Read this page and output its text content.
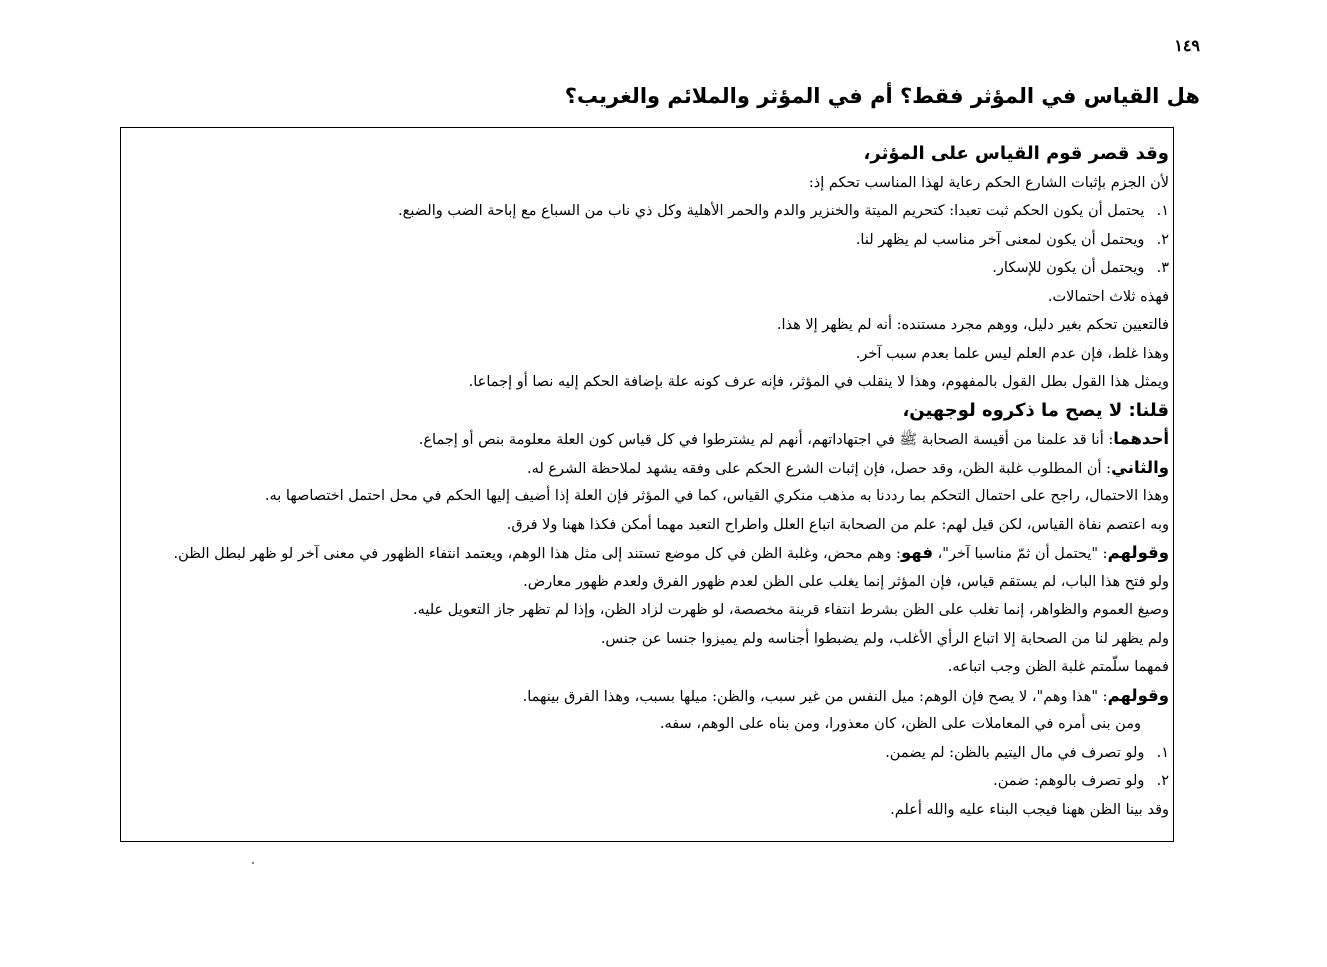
١٤٩
هل القياس في المؤثر فقط؟ أم في المؤثر والملائم والغريب؟
وقد قصر قوم القياس على المؤثر،
لأن الجزم بإثبات الشارع الحكم رعاية لهذا المناسب تحكم إذ:
١. يحتمل أن يكون الحكم ثبت تعبدا: كتحريم الميتة والخنزير والدم والحمر الأهلية وكل ذي ناب من السباع مع إباحة الضب والضبع.
٢. ويحتمل أن يكون لمعنى آخر مناسب لم يظهر لنا.
٣. ويحتمل أن يكون للإسكار.
فهذه ثلاث احتمالات.
فالتعيين تحكم بغير دليل، ووهم مجرد مستنده: أنه لم يظهر إلا هذا.
وهذا غلط، فإن عدم العلم ليس علما بعدم سبب آخر.
ويمثل هذا القول بطل القول بالمفهوم، وهذا لا ينقلب في المؤثر، فإنه عرف كونه علة بإضافة الحكم إليه نصا أو إجماعا.
قلنا: لا يصح ما ذكروه لوجهين،
أحدهما: أنا قد علمنا من أقيسة الصحابة ﷺ في اجتهاداتهم، أنهم لم يشترطوا في كل قياس كون العلة معلومة بنص أو إجماع.
والثاني: أن المطلوب غلبة الظن، وقد حصل، فإن إثبات الشرع الحكم على وفقه يشهد لملاحظة الشرع له.
وهذا الاحتمال، راجح على احتمال التحكم بما رددنا به مذهب منكري القياس، كما في المؤثر فإن العلة إذا أضيف إليها الحكم في محل احتمل اختصاصها به.
وبه اعتصم نفاة القياس، لكن قيل لهم: علم من الصحابة اتباع العلل واطراح التعبد مهما أمكن فكذا ههنا ولا فرق.
وقولهم: "يحتمل أن ثمّ مناسبا آخر"، فهو: وهم محض، وغلبة الظن في كل موضع تستند إلى مثل هذا الوهم، ويعتمد انتفاء الظهور في معنى آخر لو ظهر لبطل الظن.
ولو فتح هذا الباب، لم يستقم قياس، فإن المؤثر إنما يغلب على الظن لعدم ظهور الفرق ولعدم ظهور معارض.
وصيغ العموم والظواهر، إنما تغلب على الظن بشرط انتفاء قرينة مخصصة، لو ظهرت لزاد الظن، وإذا لم تظهر جاز التعويل عليه.
ولم يظهر لنا من الصحابة إلا اتباع الرأي الأغلب، ولم يضبطوا أجناسه ولم يميزوا جنسا عن جنس.
فمهما سلّمتم غلبة الظن وجب اتباعه.
وقولهم: "هذا وهم"، لا يصح فإن الوهم: ميل النفس من غير سبب، والظن: ميلها بسبب، وهذا الفرق بينهما.
ومن بنى أمره في المعاملات على الظن، كان معذورا، ومن بناه على الوهم، سفه.
١. ولو تصرف في مال اليتيم بالظن: لم يضمن.
٢. ولو تصرف بالوهم: ضمن.
وقد بينا الظن ههنا فيجب البناء عليه والله أعلم.
